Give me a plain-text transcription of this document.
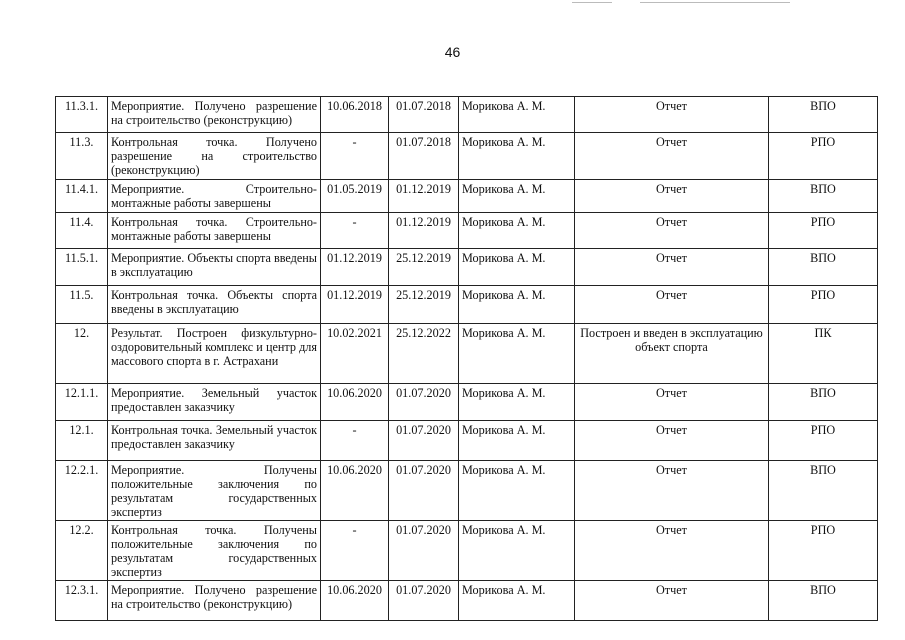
46
11.3.1.	Мероприятие. Получено разрешение на строительство (реконструкцию)	10.06.2018	01.07.2018	Морикова А. М.	Отчет	ВПО
11.3.	Контрольная точка. Получено разрешение на строительство (реконструкцию)	-	01.07.2018	Морикова А. М.	Отчет	РПО
11.4.1.	Мероприятие. Строительно-монтажные работы завершены	01.05.2019	01.12.2019	Морикова А. М.	Отчет	ВПО
11.4.	Контрольная точка. Строительно-монтажные работы завершены	-	01.12.2019	Морикова А. М.	Отчет	РПО
11.5.1.	Мероприятие. Объекты спорта введены в эксплуатацию	01.12.2019	25.12.2019	Морикова А. М.	Отчет	ВПО
11.5.	Контрольная точка. Объекты спорта введены в эксплуатацию	01.12.2019	25.12.2019	Морикова А. М.	Отчет	РПО
12.	Результат. Построен физкультурно-оздоровительный комплекс и центр для массового спорта в г. Астрахани	10.02.2021	25.12.2022	Морикова А. М.	Построен и введен в эксплуатацию объект спорта	ПК
12.1.1.	Мероприятие. Земельный участок предоставлен заказчику	10.06.2020	01.07.2020	Морикова А. М.	Отчет	ВПО
12.1.	Контрольная точка. Земельный участок предоставлен заказчику	-	01.07.2020	Морикова А. М.	Отчет	РПО
12.2.1.	Мероприятие. Получены положительные заключения по результатам государственных экспертиз	10.06.2020	01.07.2020	Морикова А. М.	Отчет	ВПО
12.2.	Контрольная точка. Получены положительные заключения по результатам государственных экспертиз	-	01.07.2020	Морикова А. М.	Отчет	РПО
12.3.1.	Мероприятие. Получено разрешение на строительство (реконструкцию)	10.06.2020	01.07.2020	Морикова А. М.	Отчет	ВПО
